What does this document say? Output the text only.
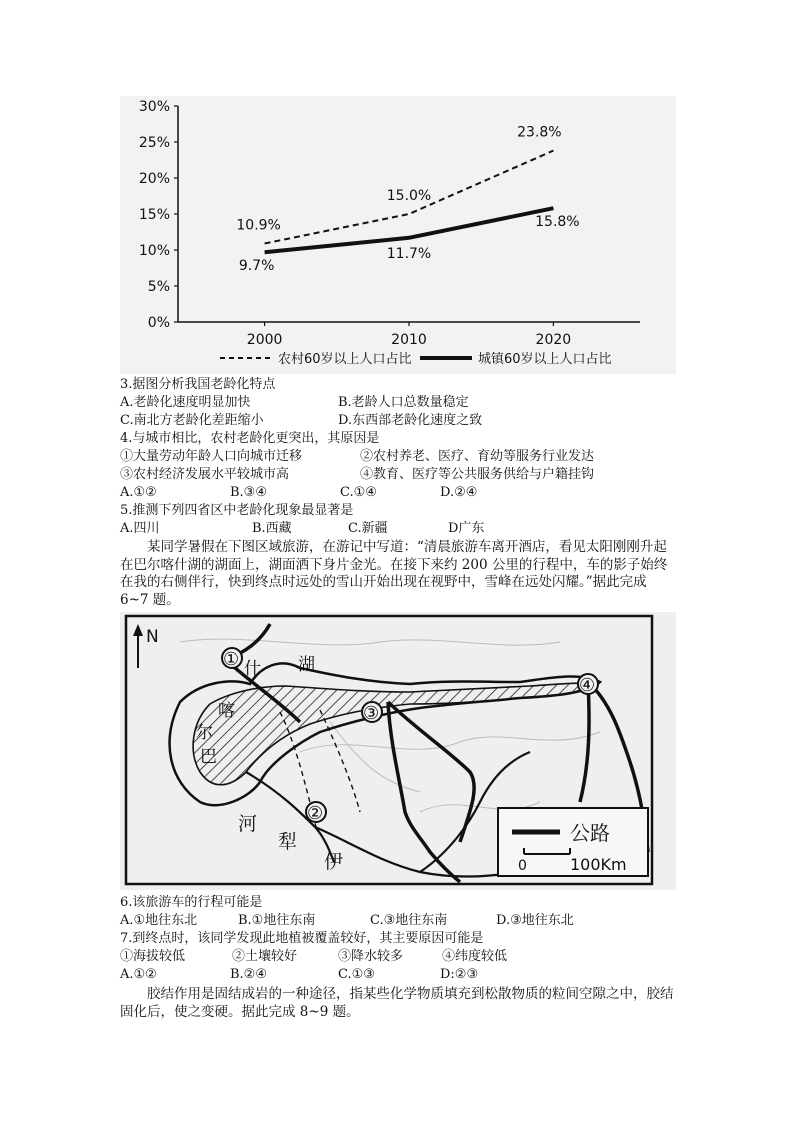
0%
5%
10%
15%
20%
25%
30%
2000	2010	2020
10.9%
15.0%
23.8%
9.7%
11.7%
15.8%
农村60岁以上人口占比	城镇60岁以上人口占比
3.据图分析我国老龄化特点
A.老龄化速度明显加快	B.老龄人口总数量稳定
C.南北方老龄化差距缩小	D.东西部老龄化速度之致
4.与城市相比，农村老龄化更突出，其原因是
①大量劳动年龄人口向城市迁移	②农村养老、医疗、育幼等服务行业发达
③农村经济发展水平较城市高	④教育、医疗等公共服务供给与户籍挂钩
A.①②	B.③④	C.①④	D.②④
5.推测下列四省区中老龄化现象最显著是
A.四川	B.西藏	C.新疆	D广东
某同学暑假在下图区域旅游，在游记中写道：“清晨旅游车离开酒店，看见太阳刚刚升起在巴尔喀什湖的湖面上，湖面洒下身片金光。在接下来约 200 公里的行程中，车的影子始终在我的右侧伴行，快到终点时远处的雪山开始出现在视野中，雪峰在远处闪耀。”据此完成 6~7 题。
N
①
②
③
④
什 湖
喀
尔
巴
河
犁
伊
公路
0	100Km
6.该旅游车的行程可能是
A.①地往东北	B.①地往东南	C.③地往东南	D.③地往东北
7.到终点时，该同学发现此地植被覆盖较好，其主要原因可能是
①海拔较低	②土壤较好	③降水较多	④纬度较低
A.①②	B.②④	C.①③	D:②③
胶结作用是固结成岩的一种途径，指某些化学物质填充到松散物质的粒间空隙之中，胶结固化后，使之变硬。据此完成 8~9 题。
